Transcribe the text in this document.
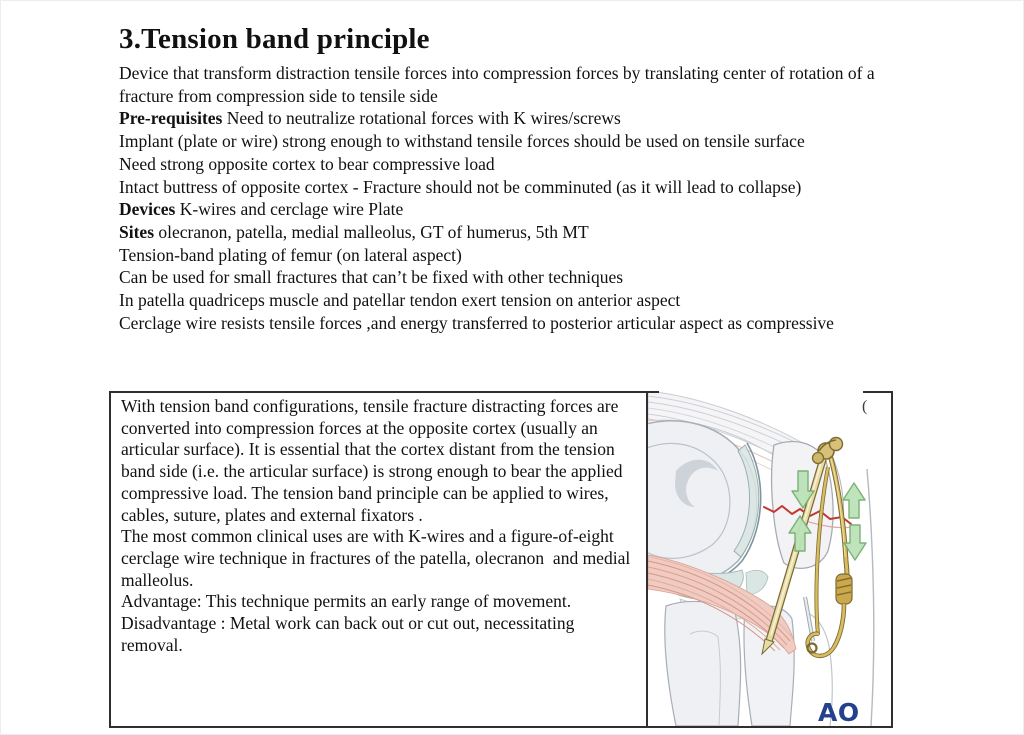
3.Tension band principle

Device that transform distraction tensile forces into compression forces by translating center of rotation of a fracture from compression side to tensile side

Pre-requisites Need to neutralize rotational forces with K wires/screws

Implant (plate or wire) strong enough to withstand tensile forces should be used on tensile surface

Need strong opposite cortex to bear compressive load

Intact buttress of opposite cortex - Fracture should not be comminuted (as it will lead to collapse)

Devices K-wires and cerclage wire Plate

Sites olecranon, patella, medial malleolus, GT of humerus, 5th MT

Tension-band plating of femur (on lateral aspect)

Can be used for small fractures that can’t be fixed with other techniques

In patella quadriceps muscle and patellar tendon exert tension on anterior aspect

Cerclage wire resists tensile forces ,and energy transferred to posterior articular aspect as compressive

With tension band configurations, tensile fracture distracting forces are converted into compression forces at the opposite cortex (usually an articular surface). It is essential that the cortex distant from the tension band side (i.e. the articular surface) is strong enough to bear the applied compressive load. The tension band principle can be applied to wires, cables, suture, plates and external fixators .

The most common clinical uses are with K-wires and a figure-of-eight cerclage wire technique in fractures of the patella, olecranon  and medial malleolus.

Advantage: This technique permits an early range of movement.

Disadvantage : Metal work can back out or cut out, necessitating removal.

AO
(
